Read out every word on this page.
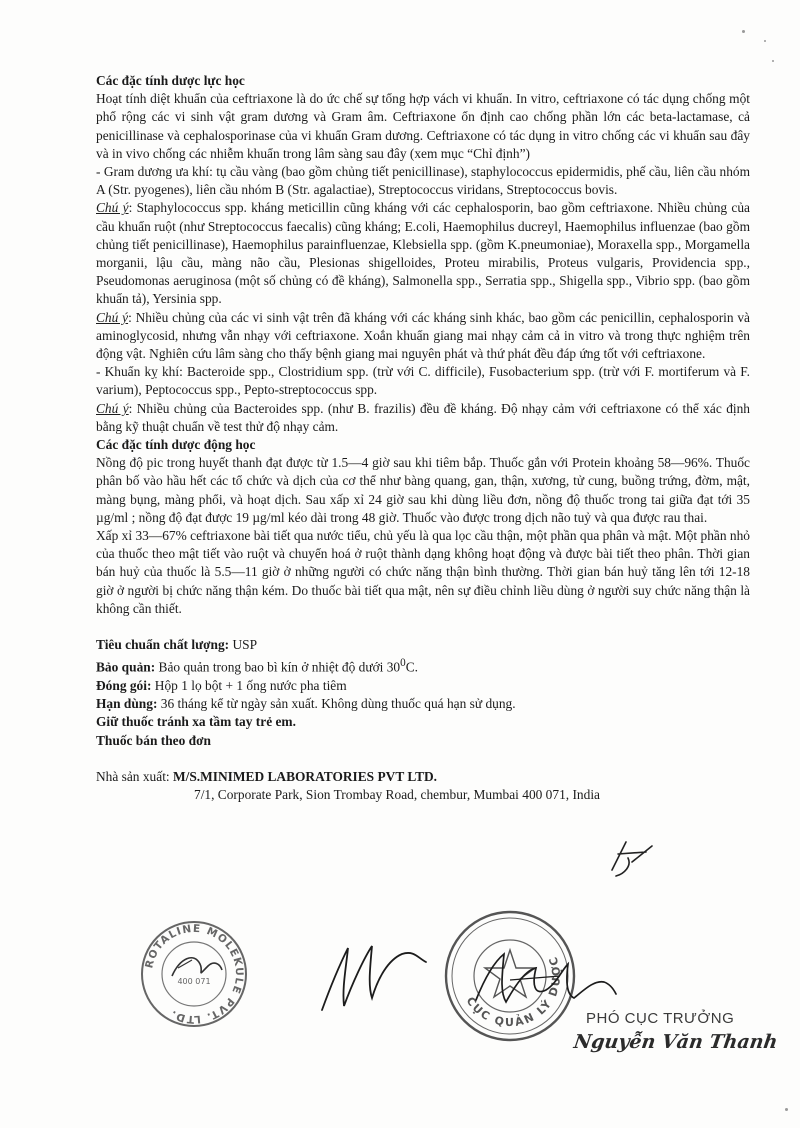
Các đặc tính dược lực học

Hoạt tính diệt khuẩn của ceftriaxone là do ức chế sự tổng hợp vách vi khuẩn. In vitro, ceftriaxone có tác dụng chống một phổ rộng các vi sinh vật gram dương và Gram âm. Ceftriaxone ổn định cao chống phần lớn các beta-lactamase, cả penicillinase và cephalosporinase của vi khuẩn Gram dương. Ceftriaxone có tác dụng in vitro chống các vi khuẩn sau đây và in vivo chống các nhiễm khuẩn trong lâm sàng sau đây (xem mục “Chỉ định”)

- Gram dương ưa khí: tụ cầu vàng (bao gồm chủng tiết penicillinase), staphylococcus epidermidis, phế cầu, liên cầu nhóm A (Str. pyogenes), liên cầu nhóm B (Str. agalactiae), Streptococcus viridans, Streptococcus bovis.

Chú ý: Staphylococcus spp. kháng meticillin cũng kháng với các cephalosporin, bao gồm ceftriaxone. Nhiều chủng của cầu khuẩn ruột (như Streptococcus faecalis) cũng kháng; E.coli, Haemophilus ducreyl, Haemophilus influenzae (bao gồm chủng tiết penicillinase), Haemophilus parainfluenzae, Klebsiella spp. (gồm K.pneumoniae), Moraxella spp., Morgamella morganii, lậu cầu, màng não cầu, Plesionas shigelloides, Proteu mirabilis, Proteus vulgaris, Providencia spp., Pseudomonas aeruginosa (một số chủng có đề kháng), Salmonella spp., Serratia spp., Shigella spp., Vibrio spp. (bao gồm khuẩn tả), Yersinia spp.

Chú ý: Nhiều chủng của các vi sinh vật trên đã kháng với các kháng sinh khác, bao gồm các penicillin, cephalosporin và aminoglycosid, nhưng vẫn nhạy với ceftriaxone. Xoắn khuẩn giang mai nhạy cảm cả in vitro và trong thực nghiệm trên động vật. Nghiên cứu lâm sàng cho thấy bệnh giang mai nguyên phát và thứ phát đều đáp ứng tốt với ceftriaxone.

- Khuẩn kỵ khí: Bacteroide spp., Clostridium spp. (trừ với C. difficile), Fusobacterium spp. (trừ với F. mortiferum và F. varium), Peptococcus spp., Pepto-streptococcus spp.

Chú ý: Nhiều chủng của Bacteroides spp. (như B. frazilis) đều đề kháng. Độ nhạy cảm với ceftriaxone có thể xác định bằng kỹ thuật chuẩn về test thử độ nhạy cảm.

Các đặc tính dược động học

Nồng độ pic trong huyết thanh đạt được từ 1.5—4 giờ sau khi tiêm bắp. Thuốc gắn với Protein khoảng 58—96%. Thuốc phân bố vào hầu hết các tổ chức và dịch của cơ thể như bàng quang, gan, thận, xương, tử cung, buồng trứng, đờm, mật, màng bụng, màng phổi, và hoạt dịch. Sau xấp xỉ 24 giờ sau khi dùng liều đơn, nồng độ thuốc trong tai giữa đạt tới 35 µg/ml ; nồng độ đạt được 19 µg/ml kéo dài trong 48 giờ. Thuốc vào được trong dịch não tuỷ và qua được rau thai.

Xấp xỉ 33—67% ceftriaxone bài tiết qua nước tiểu, chủ yếu là qua lọc cầu thận, một phần qua phân và mật. Một phần nhỏ của thuốc theo mật tiết vào ruột và chuyển hoá ở ruột thành dạng không hoạt động và được bài tiết theo phân. Thời gian bán huỷ của thuốc là 5.5—11 giờ ở những người có chức năng thận bình thường. Thời gian bán huỷ tăng lên tới 12-18 giờ ở người bị chức năng thận kém. Do thuốc bài tiết qua mật, nên sự điều chỉnh liều dùng ở người suy chức năng thận là không cần thiết.

Tiêu chuẩn chất lượng: USP

Bảo quản: Bảo quản trong bao bì kín ở nhiệt độ dưới $30^0C$.

Đóng gói: Hộp 1 lọ bột + 1 ống nước pha tiêm

Hạn dùng: 36 tháng kể từ ngày sản xuất. Không dùng thuốc quá hạn sử dụng.

Giữ thuốc tránh xa tầm tay trẻ em.

Thuốc bán theo đơn

Nhà sản xuất: M/S.MINIMED LABORATORIES PVT LTD.

7/1, Corporate Park, Sion Trombay Road, chembur, Mumbai 400 071, India

ROTALINE MOLEKULE PVT. LTD.
400 071
CỤC QUẢN LÝ DƯỢC
PHÓ CỤC TRƯỞNG
Nguyễn Văn Thanh
